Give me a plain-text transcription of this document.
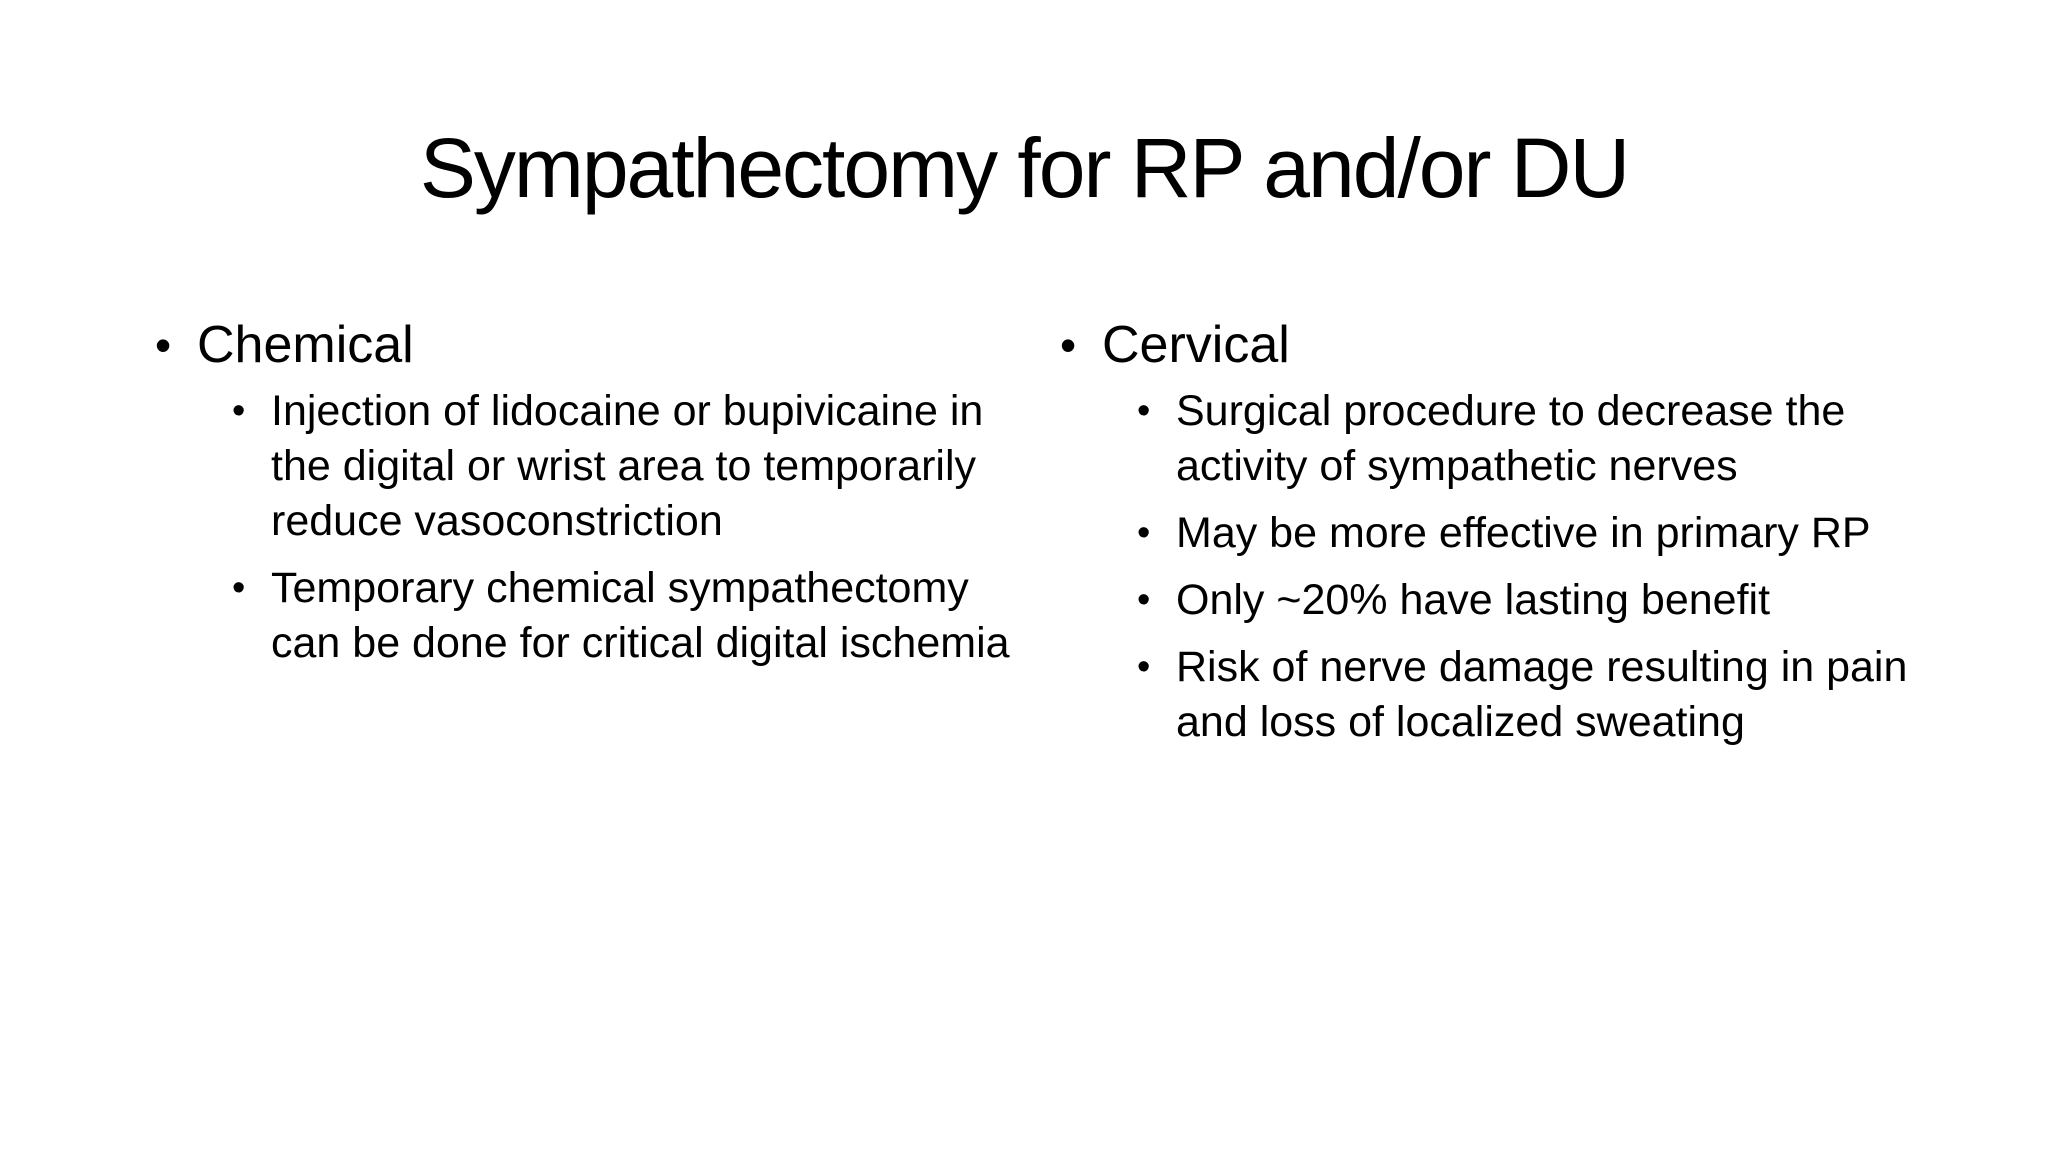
Sympathectomy for RP and/or DU
• Chemical
• Injection of lidocaine or bupivicaine in the digital or wrist area to temporarily reduce vasoconstriction
• Temporary chemical sympathectomy can be done for critical digital ischemia
• Cervical
• Surgical procedure to decrease the activity of sympathetic nerves
• May be more effective in primary RP
• Only ~20% have lasting benefit
• Risk of nerve damage resulting in pain and loss of localized sweating
